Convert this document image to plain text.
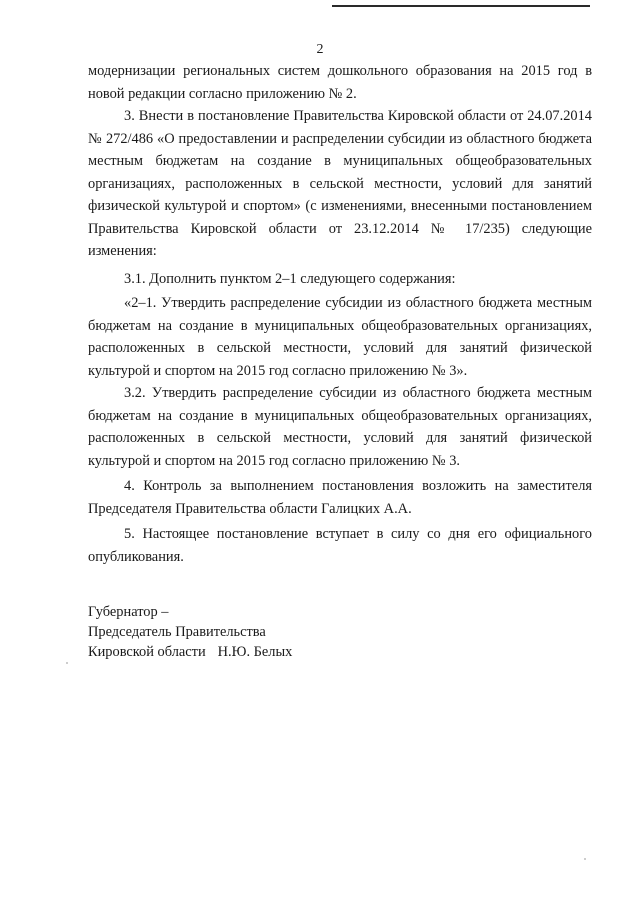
2

модернизации региональных систем дошкольного образования на 2015 год в новой редакции согласно приложению № 2.

3. Внести в постановление Правительства Кировской области от 24.07.2014 № 272/486 «О предоставлении и распределении субсидии из областного бюджета местным бюджетам на создание в муниципальных общеобразовательных организациях, расположенных в сельской местности, условий для занятий физической культурой и спортом» (с изменениями, внесенными постановлением Правительства Кировской области от 23.12.2014 № 17/235) следующие изменения:

3.1. Дополнить пунктом 2–1 следующего содержания:

«2–1. Утвердить распределение субсидии из областного бюджета местным бюджетам на создание в муниципальных общеобразовательных организациях, расположенных в сельской местности, условий для занятий физической культурой и спортом на 2015 год согласно приложению № 3».

3.2. Утвердить распределение субсидии из областного бюджета местным бюджетам на создание в муниципальных общеобразовательных организациях, расположенных в сельской местности, условий для занятий физической культурой и спортом на 2015 год согласно приложению № 3.

4. Контроль за выполнением постановления возложить на заместителя Председателя Правительства области Галицких А.А.

5. Настоящее постановление вступает в силу со дня его официального опубликования.

Губернатор –
Председатель Правительства
Кировской области Н.Ю. Белых
